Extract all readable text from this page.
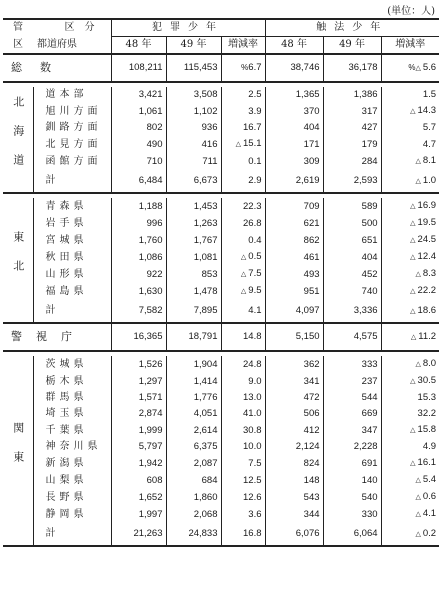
(単位：人)
管	区分	犯罪少年			触法少年		
区	都道府県	48 年	49 年	増減率	48 年	49 年	増減率
総数		108,211	115,453	%6.7	38,746	36,178	%△ 5.6

北海道	道本部	3,421	3,508	2.5	1,365	1,386	1.5
	旭川方面	1,061	1,102	3.9	370	317	△ 14.3
	釧路方面	802	936	16.7	404	427	5.7
	北見方面	490	416	△ 15.1	171	179	4.7
	函館方面	710	711	0.1	309	284	△ 8.1
	計	6,484	6,673	2.9	2,619	2,593	△ 1.0

東北	青森県	1,188	1,453	22.3	709	589	△ 16.9
	岩手県	996	1,263	26.8	621	500	△ 19.5
	宮城県	1,760	1,767	0.4	862	651	△ 24.5
	秋田県	1,086	1,081	△ 0.5	461	404	△ 12.4
	山形県	922	853	△ 7.5	493	452	△ 8.3
	福島県	1,630	1,478	△ 9.5	951	740	△ 22.2
	計	7,582	7,895	4.1	4,097	3,336	△ 18.6
警視庁		16,365	18,791	14.8	5,150	4,575	△ 11.2

関東	茨城県	1,526	1,904	24.8	362	333	△ 8.0
	栃木県	1,297	1,414	9.0	341	237	△ 30.5
	群馬県	1,571	1,776	13.0	472	544	15.3
	埼玉県	2,874	4,051	41.0	506	669	32.2
	千葉県	1,999	2,614	30.8	412	347	△ 15.8
	神奈川県	5,797	6,375	10.0	2,124	2,228	4.9
	新潟県	1,942	2,087	7.5	824	691	△ 16.1
	山梨県	608	684	12.5	148	140	△ 5.4
	長野県	1,652	1,860	12.6	543	540	△ 0.6
	静岡県	1,997	2,068	3.6	344	330	△ 4.1
	計	21,263	24,833	16.8	6,076	6,064	△ 0.2
